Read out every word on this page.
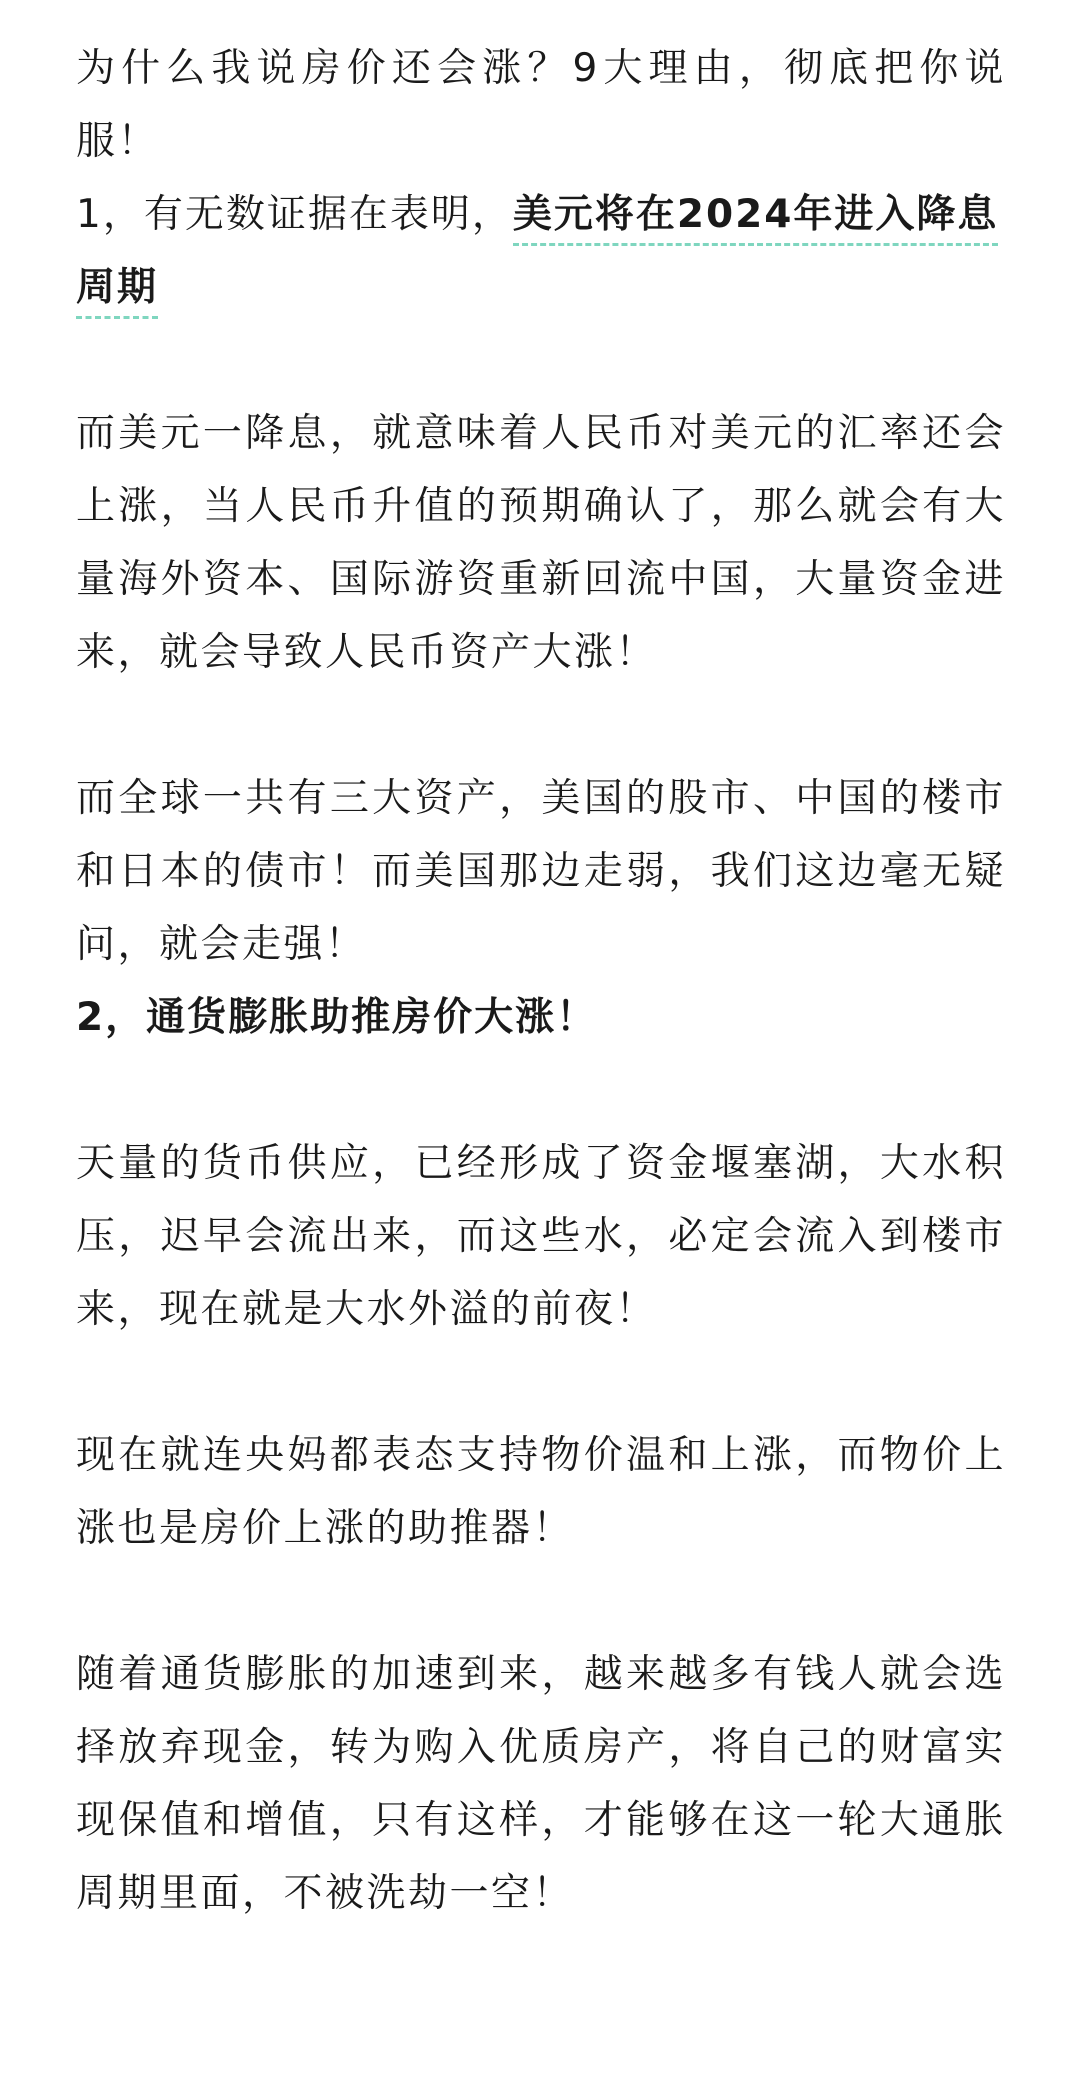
为什么我说房价还会涨？9大理由，彻底把你说服！

1，有无数证据在表明，美元将在2024年进入降息周期

而美元一降息，就意味着人民币对美元的汇率还会上涨，当人民币升值的预期确认了，那么就会有大量海外资本、国际游资重新回流中国，大量资金进来，就会导致人民币资产大涨！

而全球一共有三大资产，美国的股市、中国的楼市和日本的债市！而美国那边走弱，我们这边毫无疑问，就会走强！

2，通货膨胀助推房价大涨！

天量的货币供应，已经形成了资金堰塞湖，大水积压，迟早会流出来，而这些水，必定会流入到楼市来，现在就是大水外溢的前夜！

现在就连央妈都表态支持物价温和上涨，而物价上涨也是房价上涨的助推器！

随着通货膨胀的加速到来，越来越多有钱人就会选择放弃现金，转为购入优质房产，将自己的财富实现保值和增值，只有这样，才能够在这一轮大通胀周期里面，不被洗劫一空！
